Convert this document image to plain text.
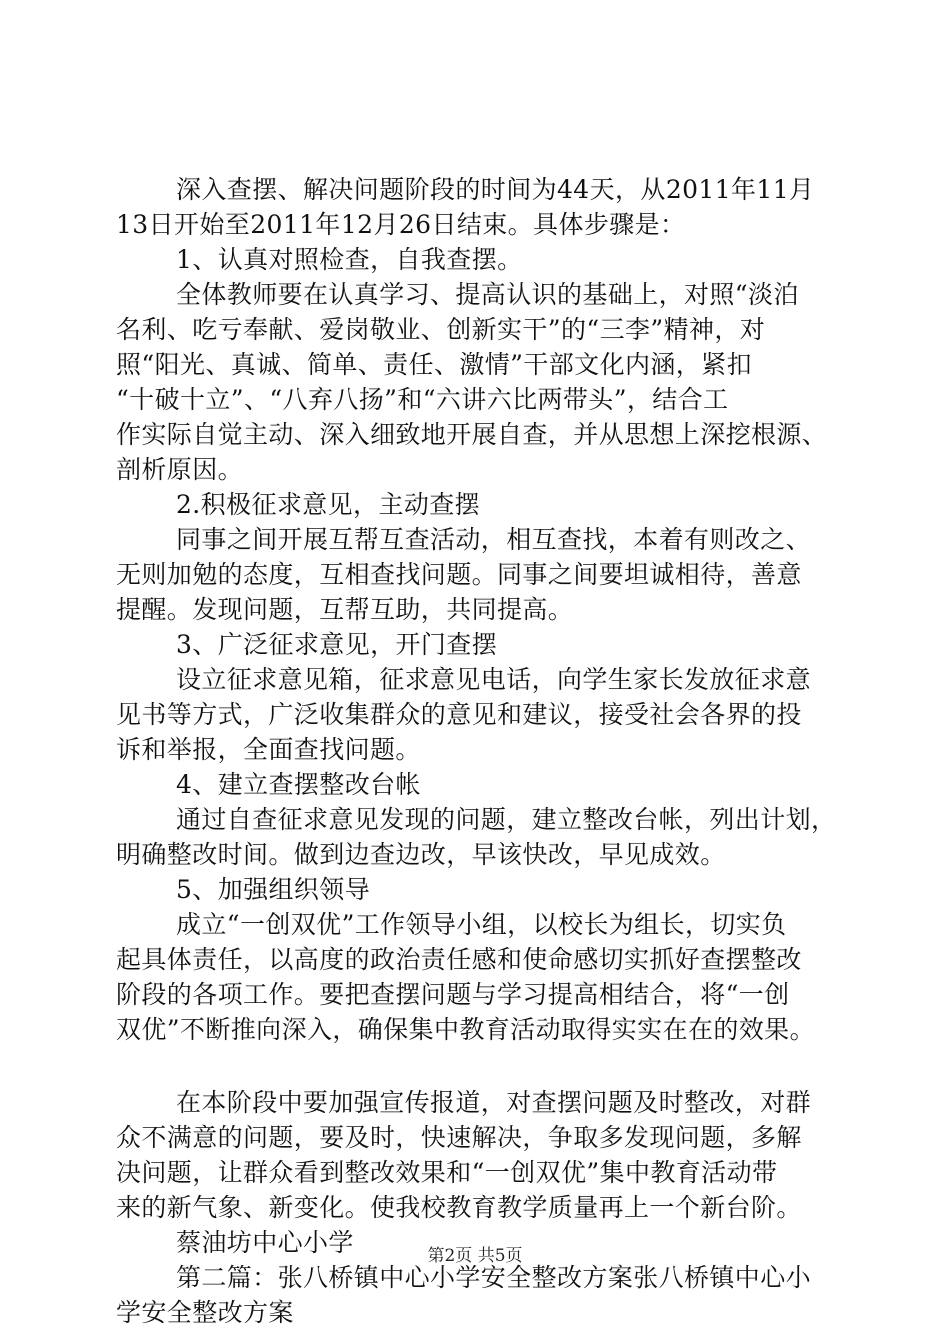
深入查摆、解决问题阶段的时间为44天，从2011年11月
13日开始至2011年12月26日结束。具体步骤是：
1、认真对照检查，自我查摆。
全体教师要在认真学习、提高认识的基础上，对照“淡泊
名利、吃亏奉献、爱岗敬业、创新实干”的“三李”精神，对
照“阳光、真诚、简单、责任、激情”干部文化内涵，紧扣
“十破十立”、“八弃八扬”和“六讲六比两带头”，结合工
作实际自觉主动、深入细致地开展自查，并从思想上深挖根源、
剖析原因。
2.积极征求意见，主动查摆
同事之间开展互帮互查活动，相互查找，本着有则改之、
无则加勉的态度，互相查找问题。同事之间要坦诚相待，善意
提醒。发现问题，互帮互助，共同提高。
3、广泛征求意见，开门查摆
设立征求意见箱，征求意见电话，向学生家长发放征求意
见书等方式，广泛收集群众的意见和建议，接受社会各界的投
诉和举报，全面查找问题。
4、建立查摆整改台帐
通过自查征求意见发现的问题，建立整改台帐，列出计划，
明确整改时间。做到边查边改，早该快改，早见成效。
5、加强组织领导
成立“一创双优”工作领导小组，以校长为组长，切实负
起具体责任，以高度的政治责任感和使命感切实抓好查摆整改
阶段的各项工作。要把查摆问题与学习提高相结合，将“一创
双优”不断推向深入，确保集中教育活动取得实实在在的效果。
在本阶段中要加强宣传报道，对查摆问题及时整改，对群
众不满意的问题，要及时，快速解决，争取多发现问题，多解
决问题，让群众看到整改效果和“一创双优”集中教育活动带
来的新气象、新变化。使我校教育教学质量再上一个新台阶。
蔡油坊中心小学
第二篇：张八桥镇中心小学安全整改方案张八桥镇中心小
学安全整改方案
第2页 共5页
